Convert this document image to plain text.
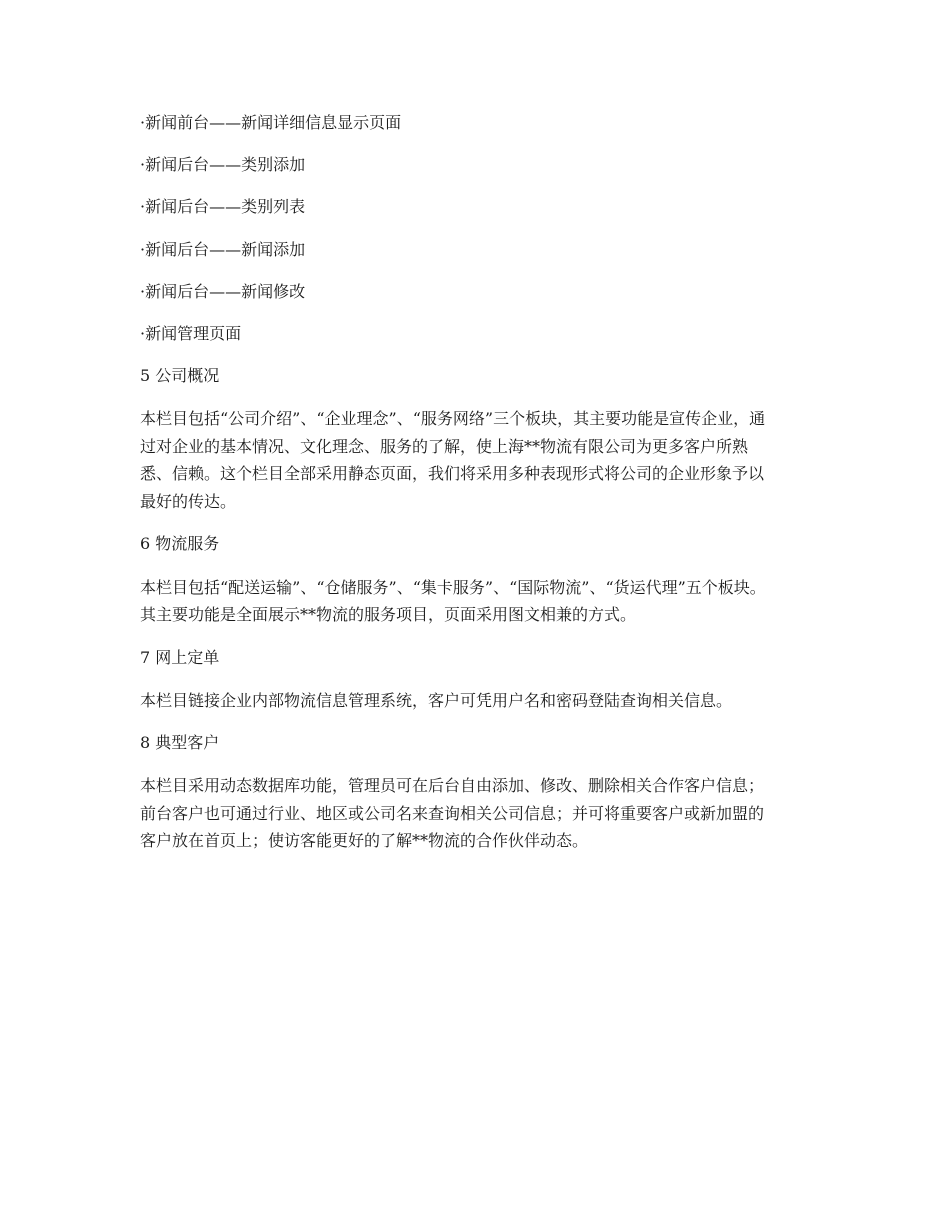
·新闻前台——新闻详细信息显示页面
·新闻后台——类别添加
·新闻后台——类别列表
·新闻后台——新闻添加
·新闻后台——新闻修改
·新闻管理页面
5 公司概况
本栏目包括“公司介绍”、“企业理念”、“服务网络”三个板块，其主要功能是宣传企业，通
过对企业的基本情况、文化理念、服务的了解，使上海**物流有限公司为更多客户所熟
悉、信赖。这个栏目全部采用静态页面，我们将采用多种表现形式将公司的企业形象予以
最好的传达。
6 物流服务
本栏目包括“配送运输”、“仓储服务”、“集卡服务”、“国际物流”、“货运代理”五个板块。
其主要功能是全面展示**物流的服务项目，页面采用图文相兼的方式。
7 网上定单
本栏目链接企业内部物流信息管理系统，客户可凭用户名和密码登陆查询相关信息。
8 典型客户
本栏目采用动态数据库功能，管理员可在后台自由添加、修改、删除相关合作客户信息；
前台客户也可通过行业、地区或公司名来查询相关公司信息；并可将重要客户或新加盟的
客户放在首页上；使访客能更好的了解**物流的合作伙伴动态。
